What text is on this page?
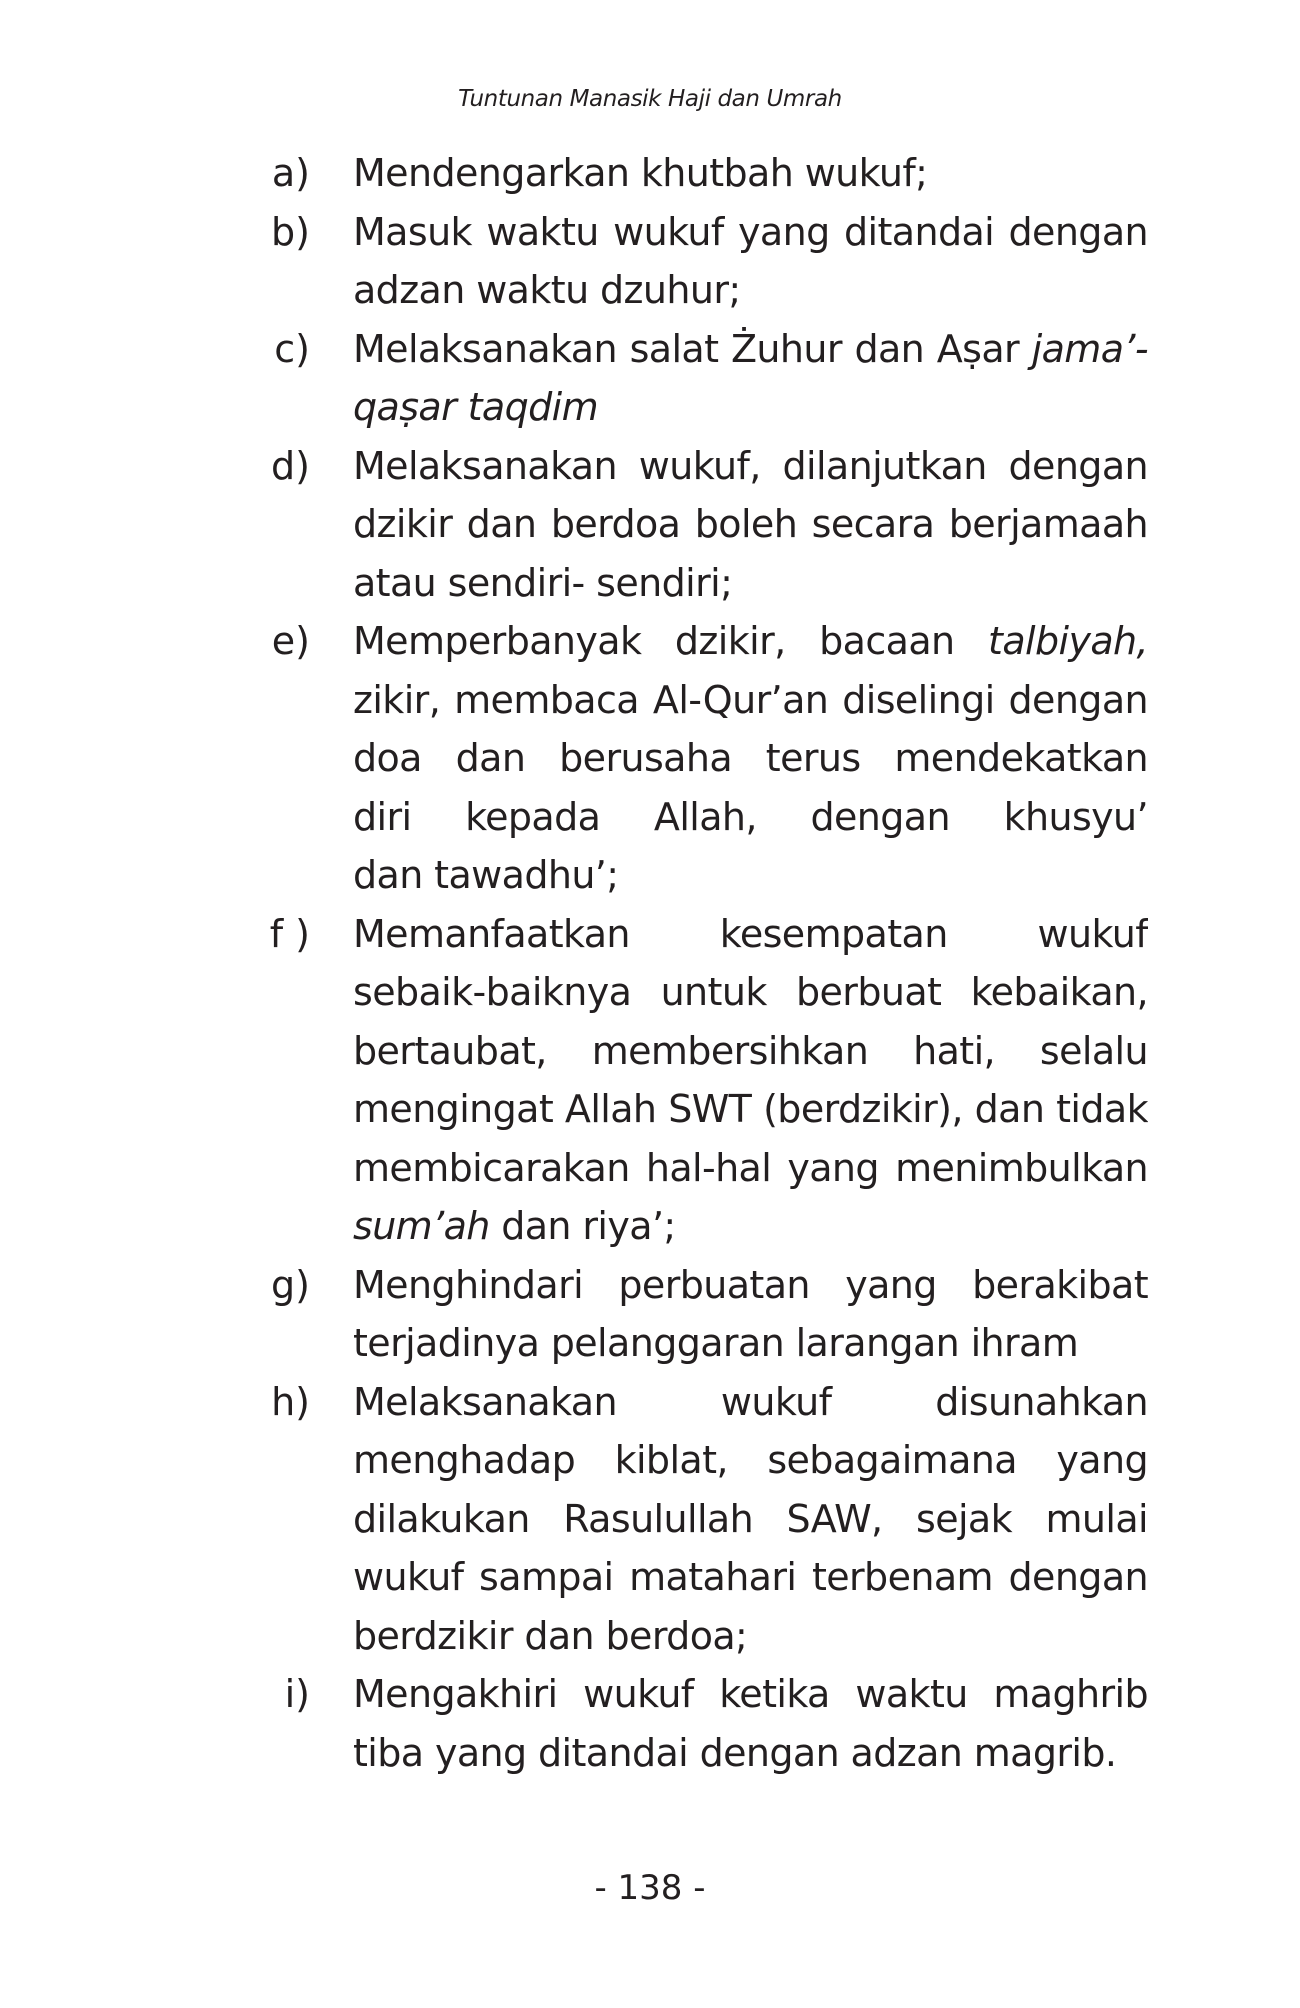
Tuntunan Manasik Haji dan Umrah
a) Mendengarkan khutbah wukuf;
b) Masuk waktu wukuf yang ditandai dengan
adzan waktu dzuhur;
c) Melaksanakan salat Żuhur dan Aṣar jama’-
qaṣar taqdim
d) Melaksanakan wukuf, dilanjutkan dengan
dzikir dan berdoa boleh secara berjamaah
atau sendiri- sendiri;
e) Memperbanyak dzikir, bacaan talbiyah,
zikir, membaca Al-Qur’an diselingi dengan
doa dan berusaha terus mendekatkan
diri kepada Allah, dengan khusyu’
dan tawadhu’;
f ) Memanfaatkan kesempatan wukuf
sebaik-baiknya untuk berbuat kebaikan,
bertaubat, membersihkan hati, selalu
mengingat Allah SWT (berdzikir), dan tidak
membicarakan hal-hal yang menimbulkan
sum’ah dan riya’;
g) Menghindari perbuatan yang berakibat
terjadinya pelanggaran larangan ihram
h) Melaksanakan wukuf disunahkan
menghadap kiblat, sebagaimana yang
dilakukan Rasulullah SAW, sejak mulai
wukuf sampai matahari terbenam dengan
berdzikir dan berdoa;
i) Mengakhiri wukuf ketika waktu maghrib
tiba yang ditandai dengan adzan magrib.
- 138 -
